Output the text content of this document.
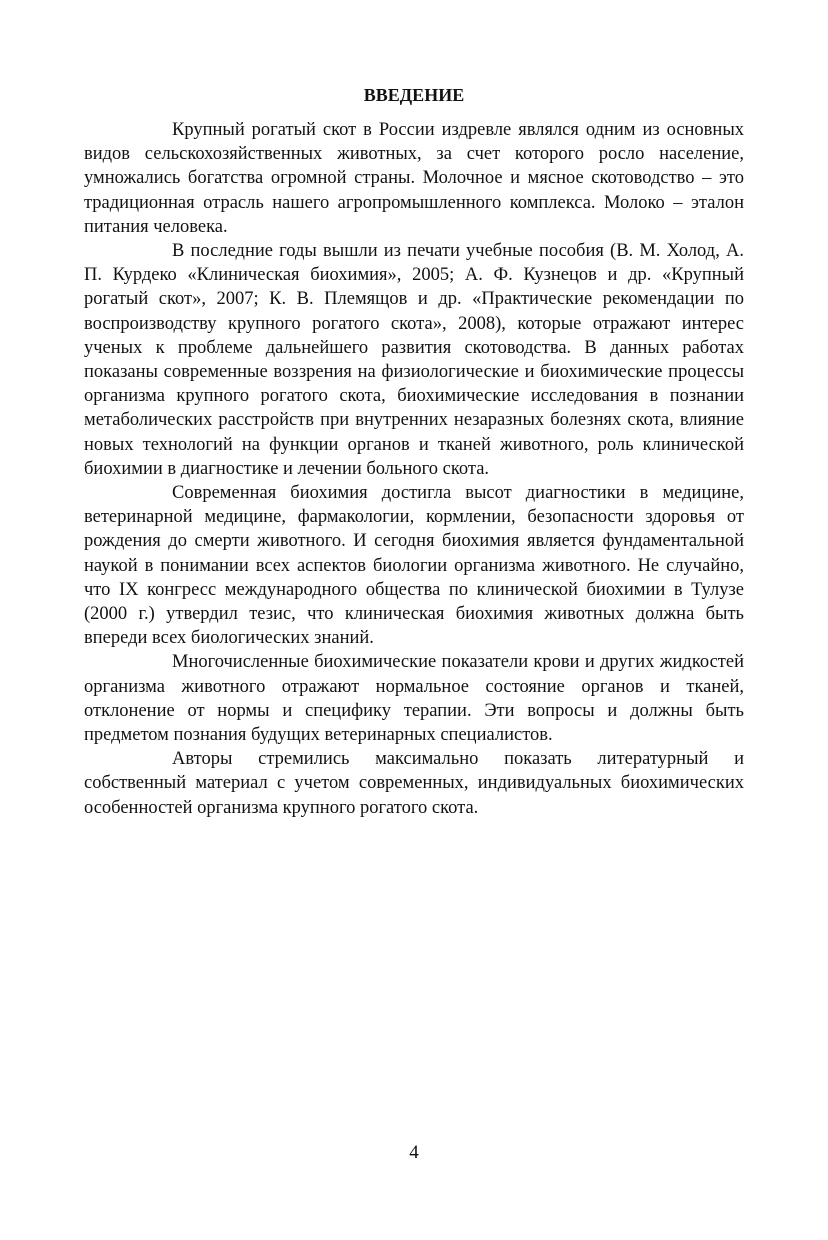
ВВЕДЕНИЕ

Крупный рогатый скот в России издревле являлся одним из основных видов сельскохозяйственных животных, за счет которого росло население, умножались богатства огромной страны. Молочное и мясное скотоводство – это традиционная отрасль нашего агропромышленного комплекса. Молоко – эталон питания человека.

В последние годы вышли из печати учебные пособия (В. М. Холод, А. П. Курдеко «Клиническая биохимия», 2005; А. Ф. Кузнецов и др. «Крупный рогатый скот», 2007; К. В. Племящов и др. «Практические рекомендации по воспроизводству крупного рогатого скота», 2008), которые отражают интерес ученых к проблеме дальнейшего развития скотоводства. В данных работах показаны современные воззрения на физиологические и биохимические процессы организма крупного рогатого скота, биохимические исследования в познании метаболических расстройств при внутренних незаразных болезнях скота, влияние новых технологий на функции органов и тканей животного, роль клинической биохимии в диагностике и лечении больного скота.

Современная биохимия достигла высот диагностики в медицине, ветеринарной медицине, фармакологии, кормлении, безопасности здоровья от рождения до смерти животного. И сегодня биохимия является фундаментальной наукой в понимании всех аспектов биологии организма животного. Не случайно, что IX конгресс международного общества по клинической биохимии в Тулузе (2000 г.) утвердил тезис, что клиническая биохимия животных должна быть впереди всех биологических знаний.

Многочисленные биохимические показатели крови и других жидкостей организма животного отражают нормальное состояние органов и тканей, отклонение от нормы и специфику терапии. Эти вопросы и должны быть предметом познания будущих ветеринарных специалистов.

Авторы стремились максимально показать литературный и собственный материал с учетом современных, индивидуальных биохимических особенностей организма крупного рогатого скота.

4
